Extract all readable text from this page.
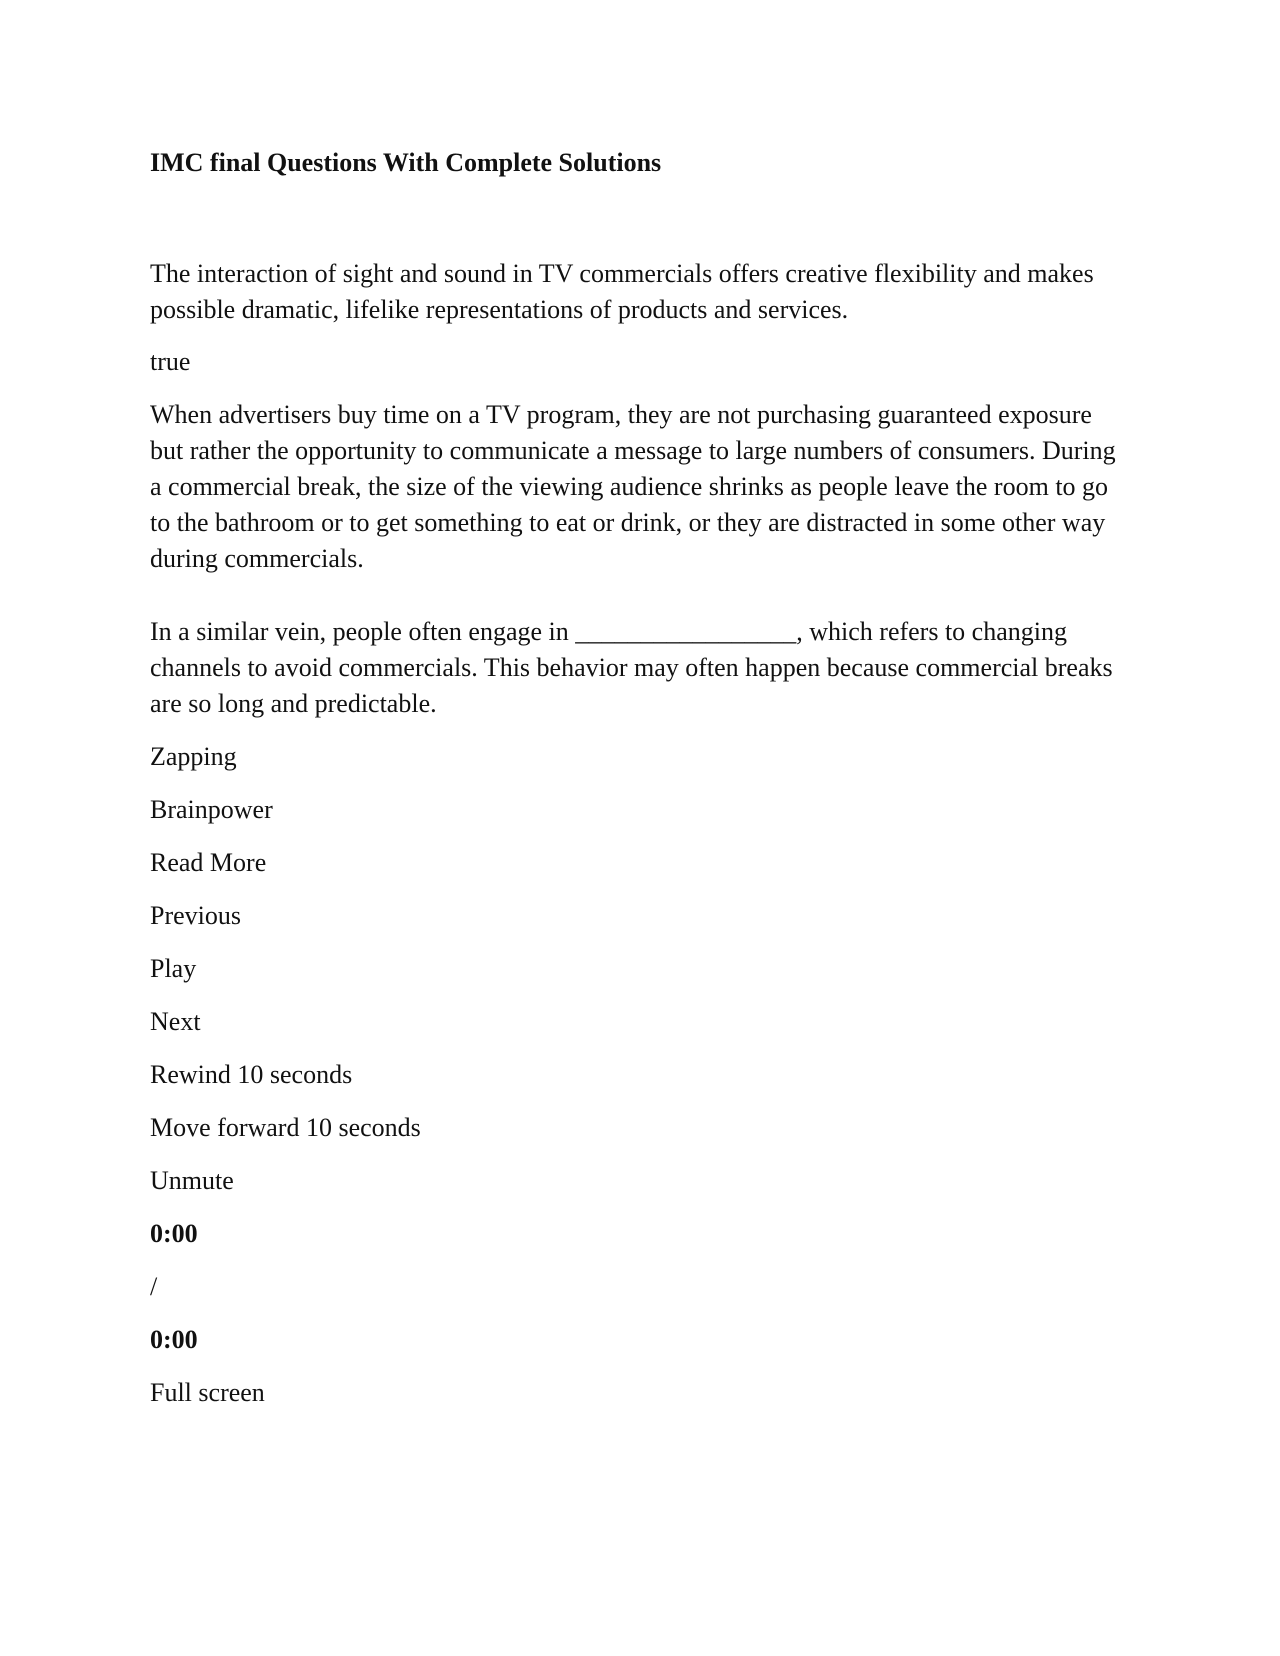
IMC final Questions With Complete Solutions

The interaction of sight and sound in TV commercials offers creative flexibility and makes possible dramatic, lifelike representations of products and services.

true

When advertisers buy time on a TV program, they are not purchasing guaranteed exposure but rather the opportunity to communicate a message to large numbers of consumers. During a commercial break, the size of the viewing audience shrinks as people leave the room to go to the bathroom or to get something to eat or drink, or they are distracted in some other way during commercials.

In a similar vein, people often engage in _________________, which refers to changing channels to avoid commercials. This behavior may often happen because commercial breaks are so long and predictable.

Zapping

Brainpower

Read More

Previous

Play

Next

Rewind 10 seconds

Move forward 10 seconds

Unmute

0:00

/

0:00

Full screen
